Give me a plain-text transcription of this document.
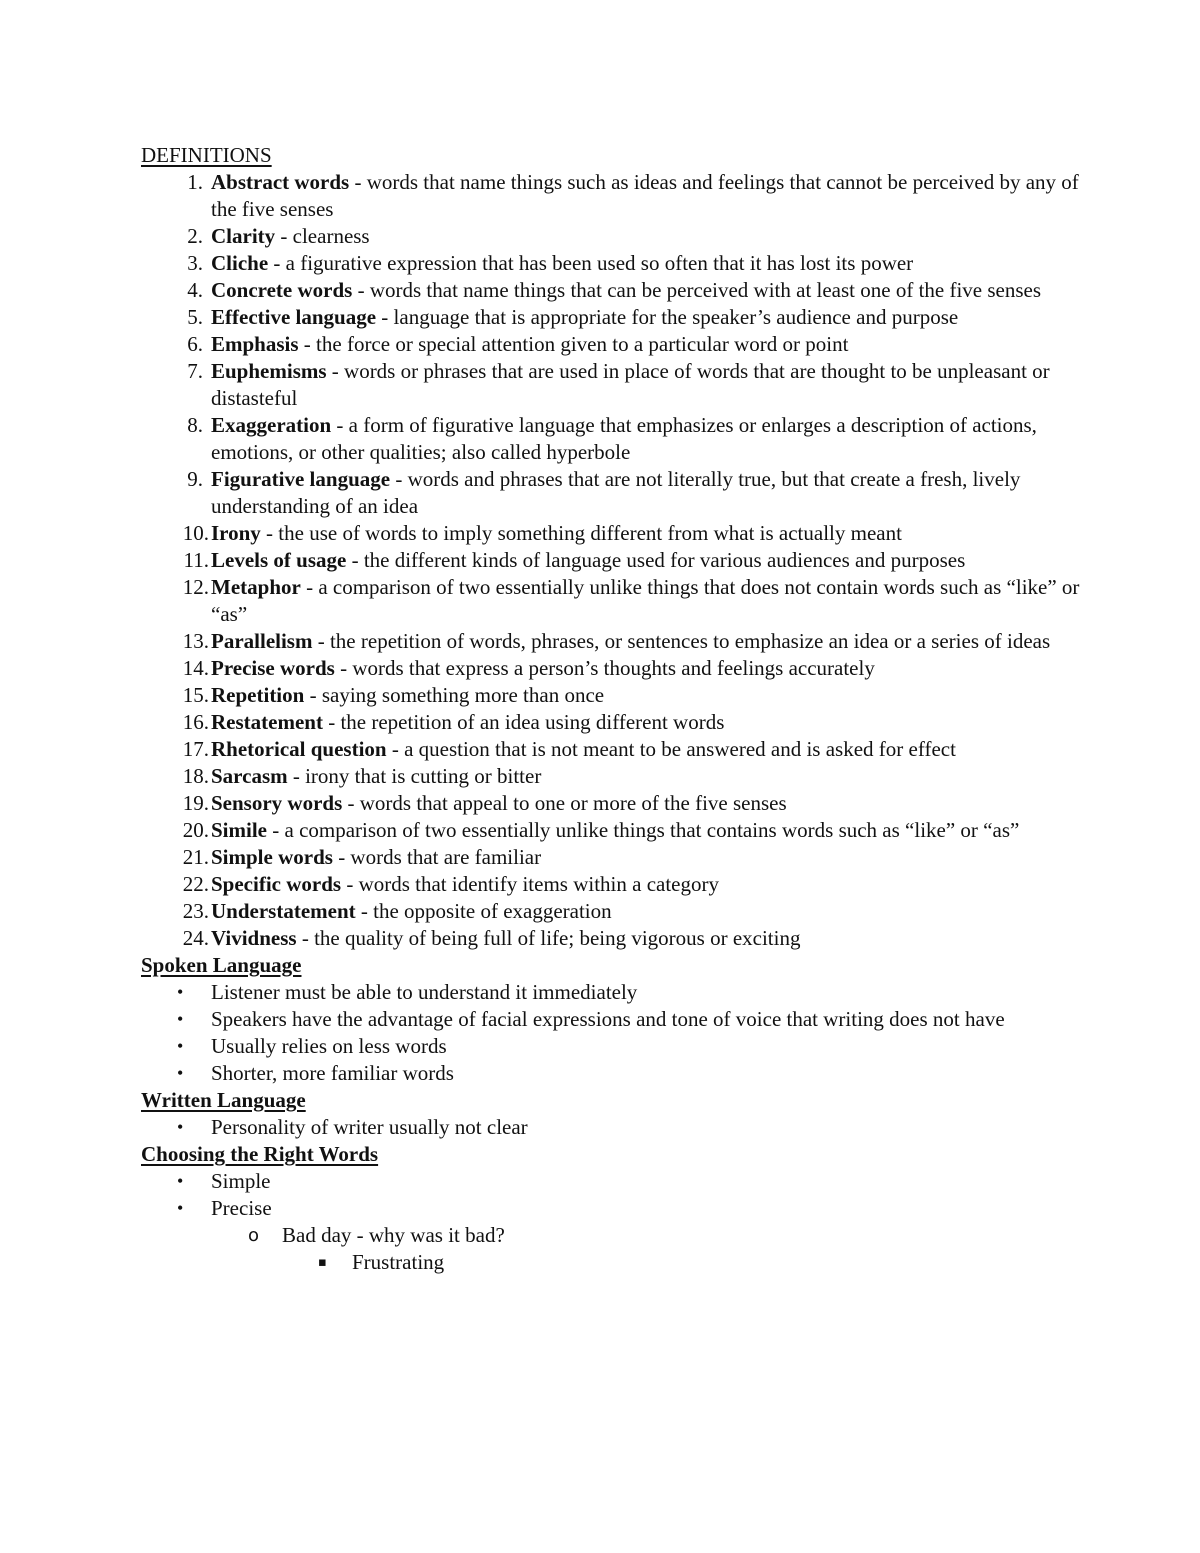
DEFINITIONS
1. Abstract words - words that name things such as ideas and feelings that cannot be perceived by any of the five senses
2. Clarity - clearness
3. Cliche - a figurative expression that has been used so often that it has lost its power
4. Concrete words - words that name things that can be perceived with at least one of the five senses
5. Effective language - language that is appropriate for the speaker’s audience and purpose
6. Emphasis - the force or special attention given to a particular word or point
7. Euphemisms - words or phrases that are used in place of words that are thought to be unpleasant or distasteful
8. Exaggeration - a form of figurative language that emphasizes or enlarges a description of actions, emotions, or other qualities; also called hyperbole
9. Figurative language - words and phrases that are not literally true, but that create a fresh, lively understanding of an idea
10. Irony - the use of words to imply something different from what is actually meant
11. Levels of usage - the different kinds of language used for various audiences and purposes
12. Metaphor - a comparison of two essentially unlike things that does not contain words such as “like” or “as”
13. Parallelism - the repetition of words, phrases, or sentences to emphasize an idea or a series of ideas
14. Precise words - words that express a person’s thoughts and feelings accurately
15. Repetition - saying something more than once
16. Restatement - the repetition of an idea using different words
17. Rhetorical question - a question that is not meant to be answered and is asked for effect
18. Sarcasm - irony that is cutting or bitter
19. Sensory words - words that appeal to one or more of the five senses
20. Simile - a comparison of two essentially unlike things that contains words such as “like” or “as”
21. Simple words - words that are familiar
22. Specific words - words that identify items within a category
23. Understatement - the opposite of exaggeration
24. Vividness - the quality of being full of life; being vigorous or exciting
Spoken Language
• Listener must be able to understand it immediately
• Speakers have the advantage of facial expressions and tone of voice that writing does not have
• Usually relies on less words
• Shorter, more familiar words
Written Language
• Personality of writer usually not clear
Choosing the Right Words
• Simple
• Precise
o Bad day - why was it bad?
▪ Frustrating
